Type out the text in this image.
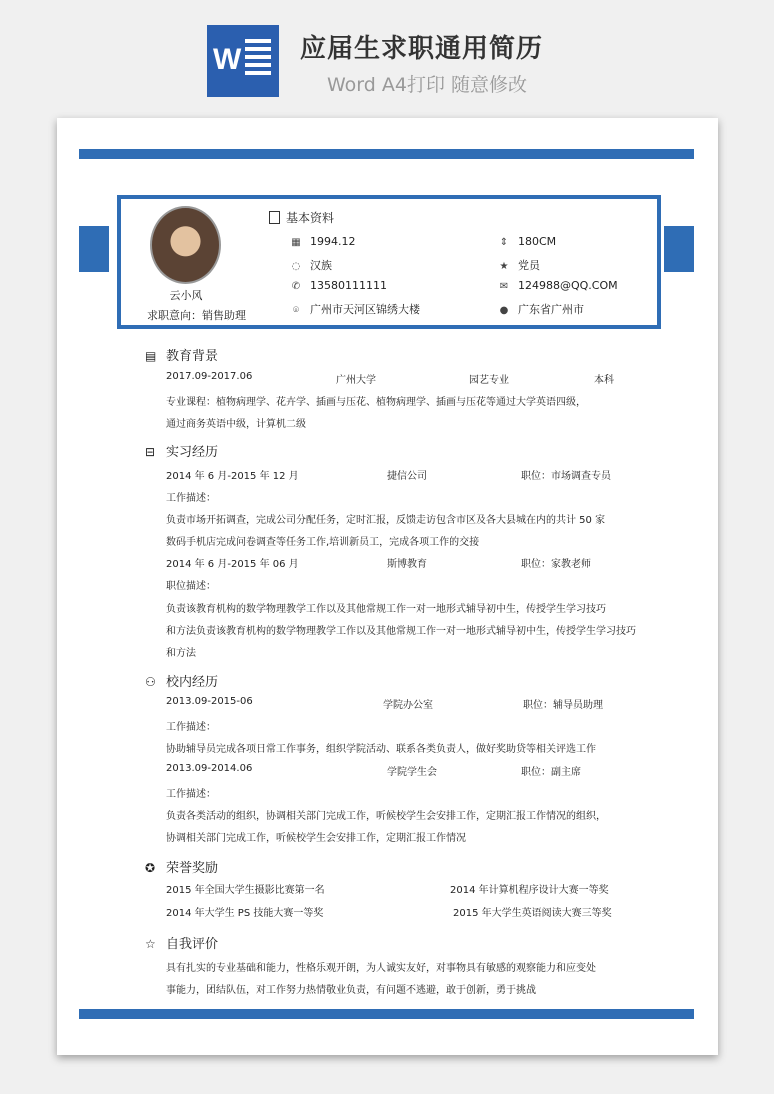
W 应届生求职通用简历
Word A4打印 随意修改
云小风
求职意向：销售助理
基本资料
▦ 1994.12	⇕ 180CM
◌ 汉族	★ 党员
✆ 13580111111	✉ 124988@QQ.COM
⌾ 广州市天河区锦绣大楼	● 广东省广州市
▤ 教育背景
2017.09-2017.06	广州大学	园艺专业	本科
专业课程：植物病理学、花卉学、插画与压花、植物病理学、插画与压花等通过大学英语四级，
通过商务英语中级，计算机二级
⊟ 实习经历
2014 年 6 月-2015 年 12 月	捷信公司	职位：市场调查专员
工作描述：
负责市场开拓调查，完成公司分配任务，定时汇报，反馈走访包含市区及各大县城在内的共计 50 家
数码手机店完成问卷调查等任务工作,培训新员工，完成各项工作的交接
2014 年 6 月-2015 年 06 月	斯博教育	职位：家教老师
职位描述：
负责该教育机构的数学物理教学工作以及其他常规工作一对一地形式辅导初中生，传授学生学习技巧
和方法负责该教育机构的数学物理教学工作以及其他常规工作一对一地形式辅导初中生，传授学生学习技巧
和方法
⚇ 校内经历
2013.09-2015-06	学院办公室	职位：辅导员助理
工作描述：
协助辅导员完成各项日常工作事务，组织学院活动、联系各类负责人，做好奖助贷等相关评选工作
2013.09-2014.06	学院学生会	职位：副主席
工作描述：
负责各类活动的组织，协调相关部门完成工作，听候校学生会安排工作，定期汇报工作情况的组织，
协调相关部门完成工作，听候校学生会安排工作，定期汇报工作情况
✪ 荣誉奖励
2015 年全国大学生摄影比赛第一名	2014 年计算机程序设计大赛一等奖
2014 年大学生 PS 技能大赛一等奖	2015 年大学生英语阅读大赛三等奖
☆ 自我评价
具有扎实的专业基础和能力，性格乐观开朗，为人诚实友好，对事物具有敏感的观察能力和应变处
事能力，团结队伍，对工作努力热情敬业负责，有问题不逃避，敢于创新，勇于挑战
